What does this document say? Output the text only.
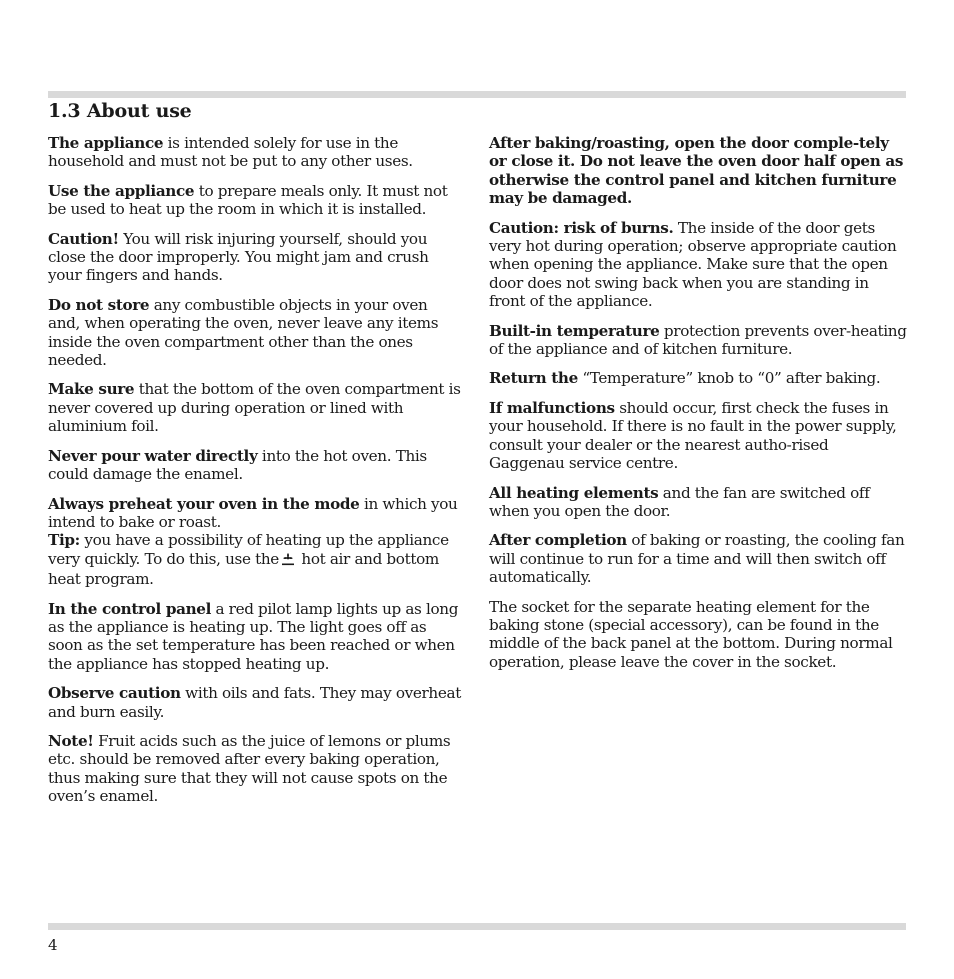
1.3 About use

The appliance is intended solely for use in the household and must not be put to any other uses.

Use the appliance to prepare meals only. It must not be used to heat up the room in which it is installed.

Caution! You will risk injuring yourself, should you close the door improperly. You might jam and crush your fingers and hands.

Do not store any combustible objects in your oven and, when operating the oven, never leave any items inside the oven compartment other than the ones needed.

Make sure that the bottom of the oven compartment is never covered up during operation or lined with aluminium foil.

Never pour water directly into the hot oven. This could damage the enamel.

Always preheat your oven in the mode in which you intend to bake or roast.

Tip: you have a possibility of heating up the appliance very quickly. To do this, use the hot air and bottom heat program.

In the control panel a red pilot lamp lights up as long as the appliance is heating up. The light goes off as soon as the set temperature has been reached or when the appliance has stopped heating up.

Observe caution with oils and fats. They may overheat and burn easily.

Note! Fruit acids such as the juice of lemons or plums etc. should be removed after every baking operation, thus making sure that they will not cause spots on the oven’s enamel.

After baking/roasting, open the door comple-tely or close it. Do not leave the oven door half open as otherwise the control panel and kitchen furniture may be damaged.

Caution: risk of burns. The inside of the door gets very hot during operation; observe appropriate caution when opening the appliance. Make sure that the open door does not swing back when you are standing in front of the appliance.

Built-in temperature protection prevents over-heating of the appliance and of kitchen furniture.

Return the “Temperature” knob to “0” after baking.

If malfunctions should occur, first check the fuses in your household. If there is no fault in the power supply, consult your dealer or the nearest autho-rised Gaggenau service centre.

All heating elements and the fan are switched off when you open the door.

After completion of baking or roasting, the cooling fan will continue to run for a time and will then switch off automatically.

The socket for the separate heating element for the baking stone (special accessory), can be found in the middle of the back panel at the bottom. During normal operation, please leave the cover in the socket.

4
